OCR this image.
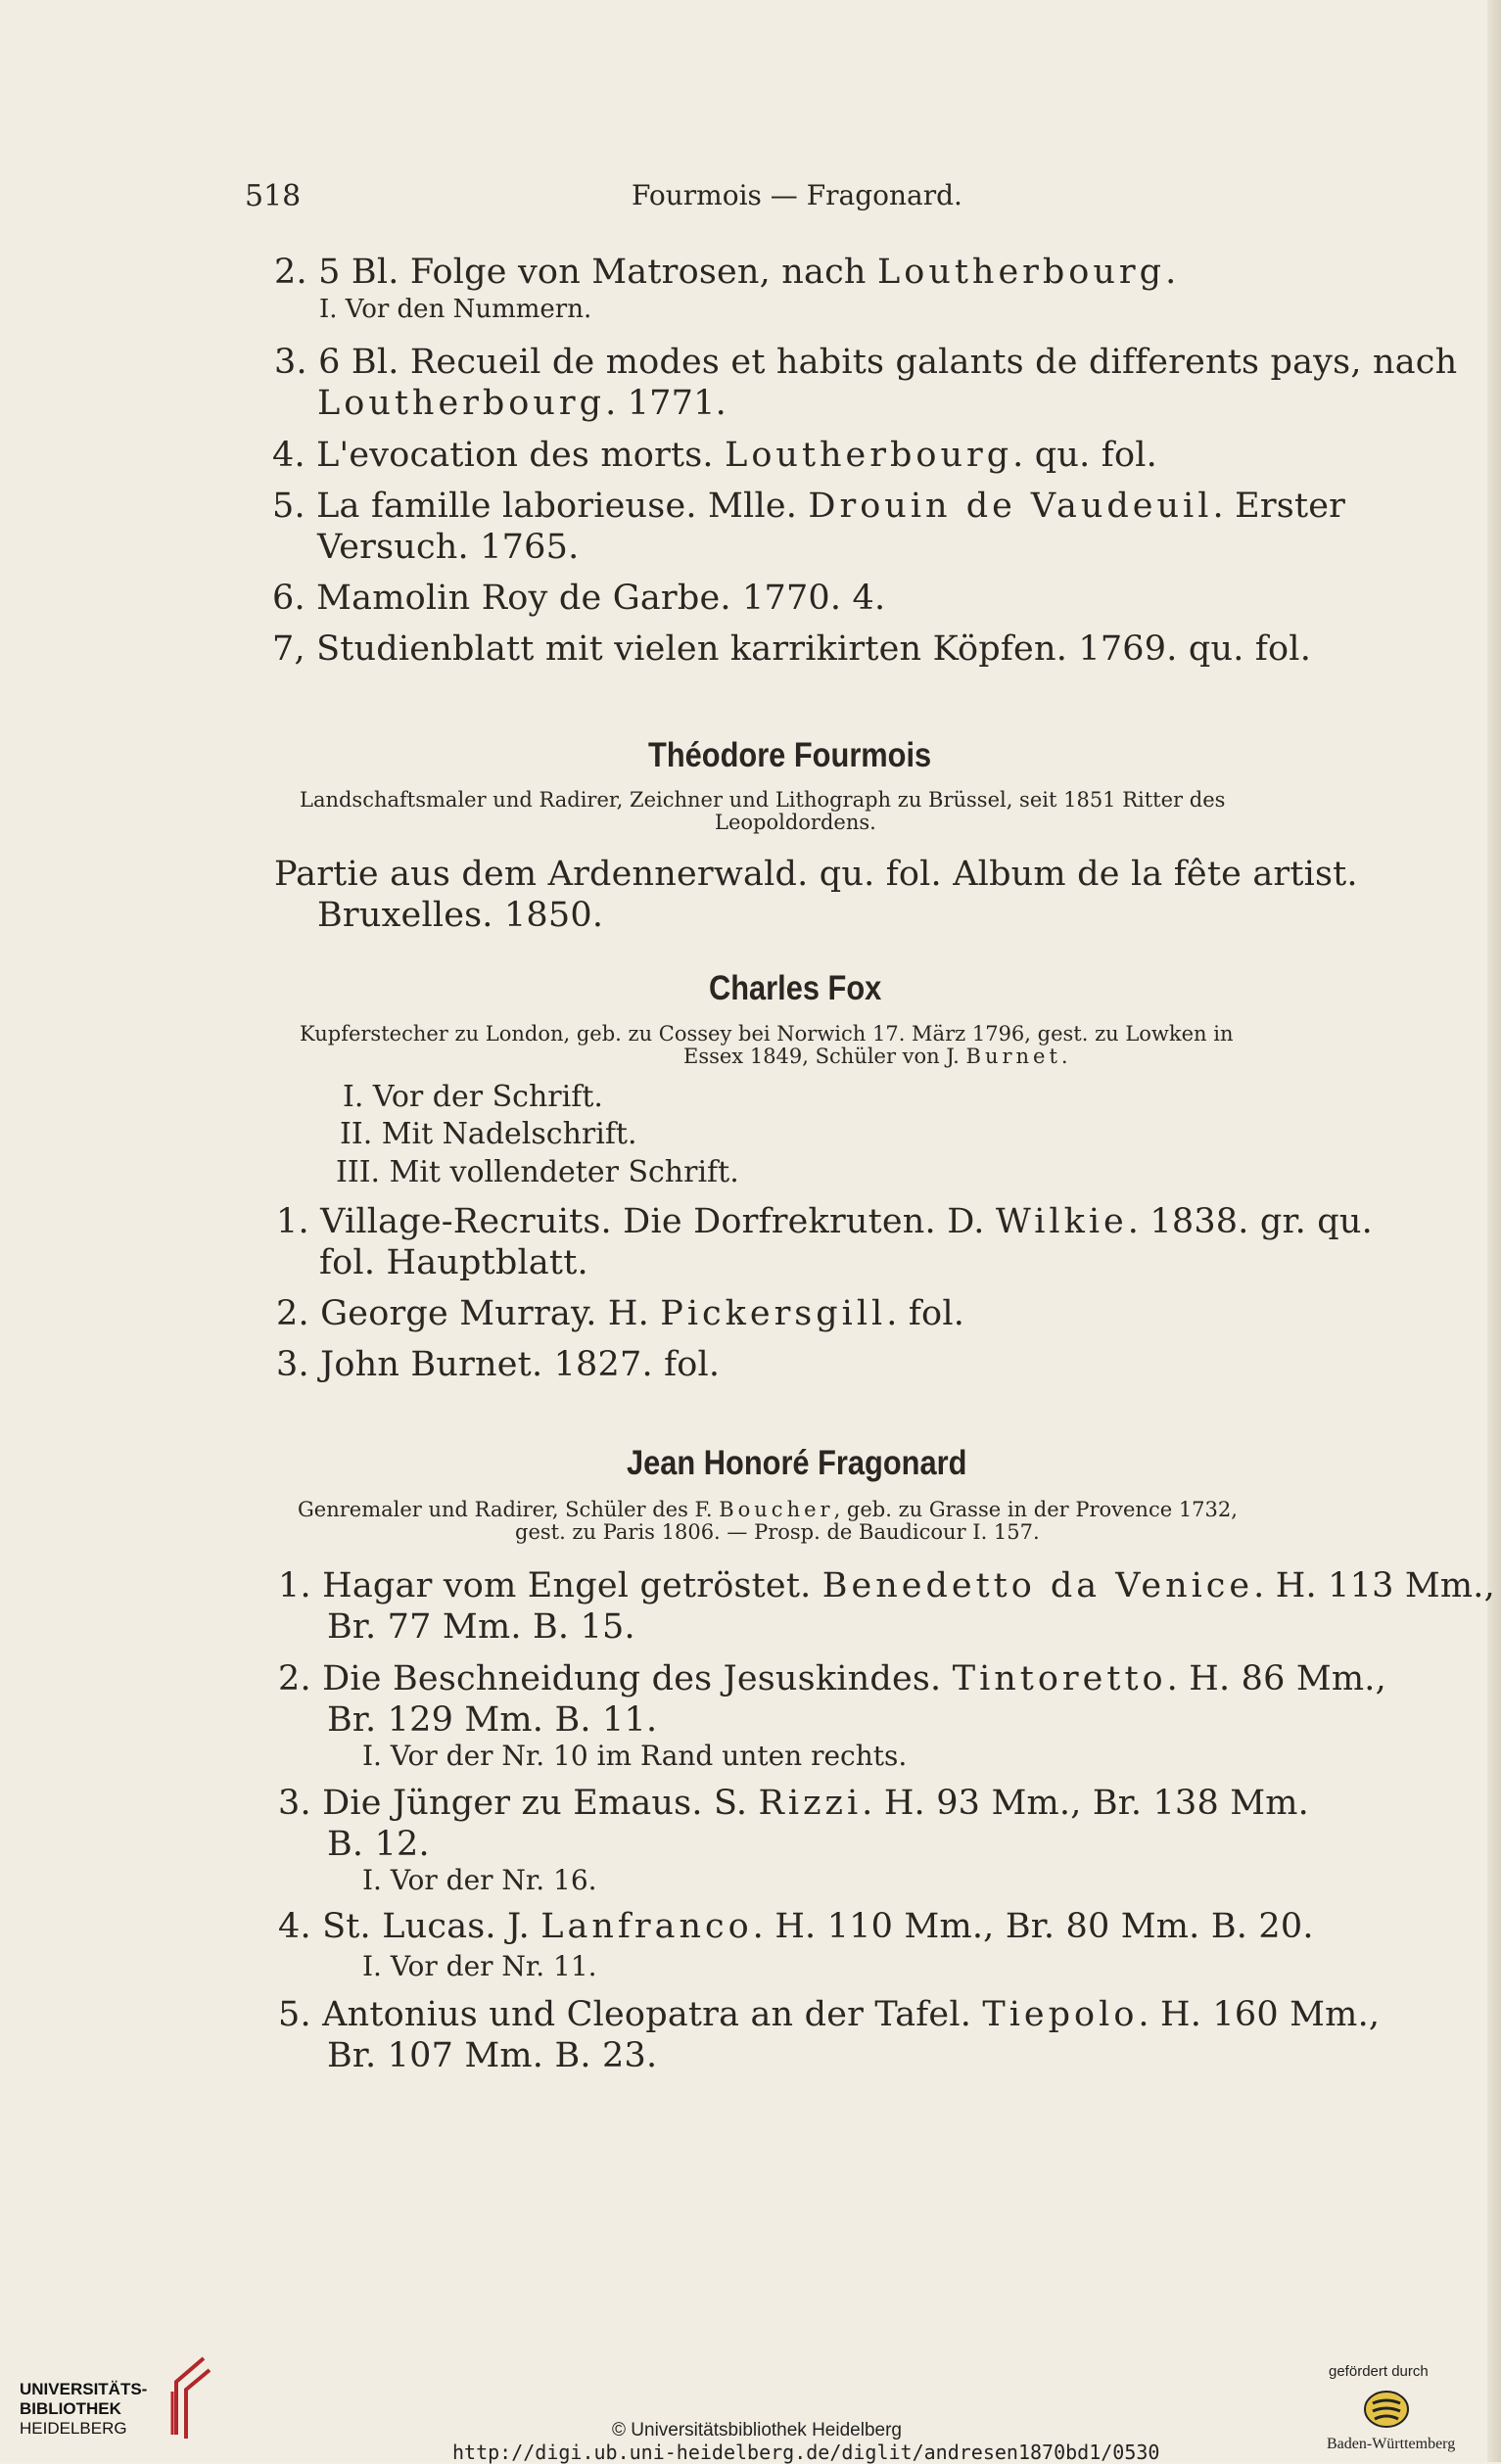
518	Fourmois — Fragonard.
2. 5 Bl. Folge von Matrosen, nach Loutherbourg.
I. Vor den Nummern.
3. 6 Bl. Recueil de modes et habits galants de differents pays, nach
Loutherbourg. 1771.
4. L'evocation des morts. Loutherbourg. qu. fol.
5. La famille laborieuse. Mlle. Drouin de Vaudeuil. Erster
Versuch. 1765.
6. Mamolin Roy de Garbe. 1770. 4.
7, Studienblatt mit vielen karrikirten Köpfen. 1769. qu. fol.
Théodore Fourmois
Landschaftsmaler und Radirer, Zeichner und Lithograph zu Brüssel, seit 1851 Ritter des
Leopoldordens.
Partie aus dem Ardennerwald. qu. fol. Album de la fête artist.
Bruxelles. 1850.
Charles Fox
Kupferstecher zu London, geb. zu Cossey bei Norwich 17. März 1796, gest. zu Lowken in
Essex 1849, Schüler von J. Burnet.
I. Vor der Schrift.
II. Mit Nadelschrift.
III. Mit vollendeter Schrift.
1. Village-Recruits. Die Dorfrekruten. D. Wilkie. 1838. gr. qu.
fol. Hauptblatt.
2. George Murray. H. Pickersgill. fol.
3. John Burnet. 1827. fol.
Jean Honoré Fragonard
Genremaler und Radirer, Schüler des F. Boucher, geb. zu Grasse in der Provence 1732,
gest. zu Paris 1806. — Prosp. de Baudicour I. 157.
1. Hagar vom Engel getröstet. Benedetto da Venice. H. 113 Mm.,
Br. 77 Mm. B. 15.
2. Die Beschneidung des Jesuskindes. Tintoretto. H. 86 Mm.,
Br. 129 Mm. B. 11.
I. Vor der Nr. 10 im Rand unten rechts.
3. Die Jünger zu Emaus. S. Rizzi. H. 93 Mm., Br. 138 Mm.
B. 12.
I. Vor der Nr. 16.
4. St. Lucas. J. Lanfranco. H. 110 Mm., Br. 80 Mm. B. 20.
I. Vor der Nr. 11.
5. Antonius und Cleopatra an der Tafel. Tiepolo. H. 160 Mm.,
Br. 107 Mm. B. 23.
UNIVERSITÄTS-
BIBLIOTHEK
HEIDELBERG	© Universitätsbibliothek Heidelberg
http://digi.ub.uni-heidelberg.de/diglit/andresen1870bd1/0530
gefördert durch
Baden-Württemberg
